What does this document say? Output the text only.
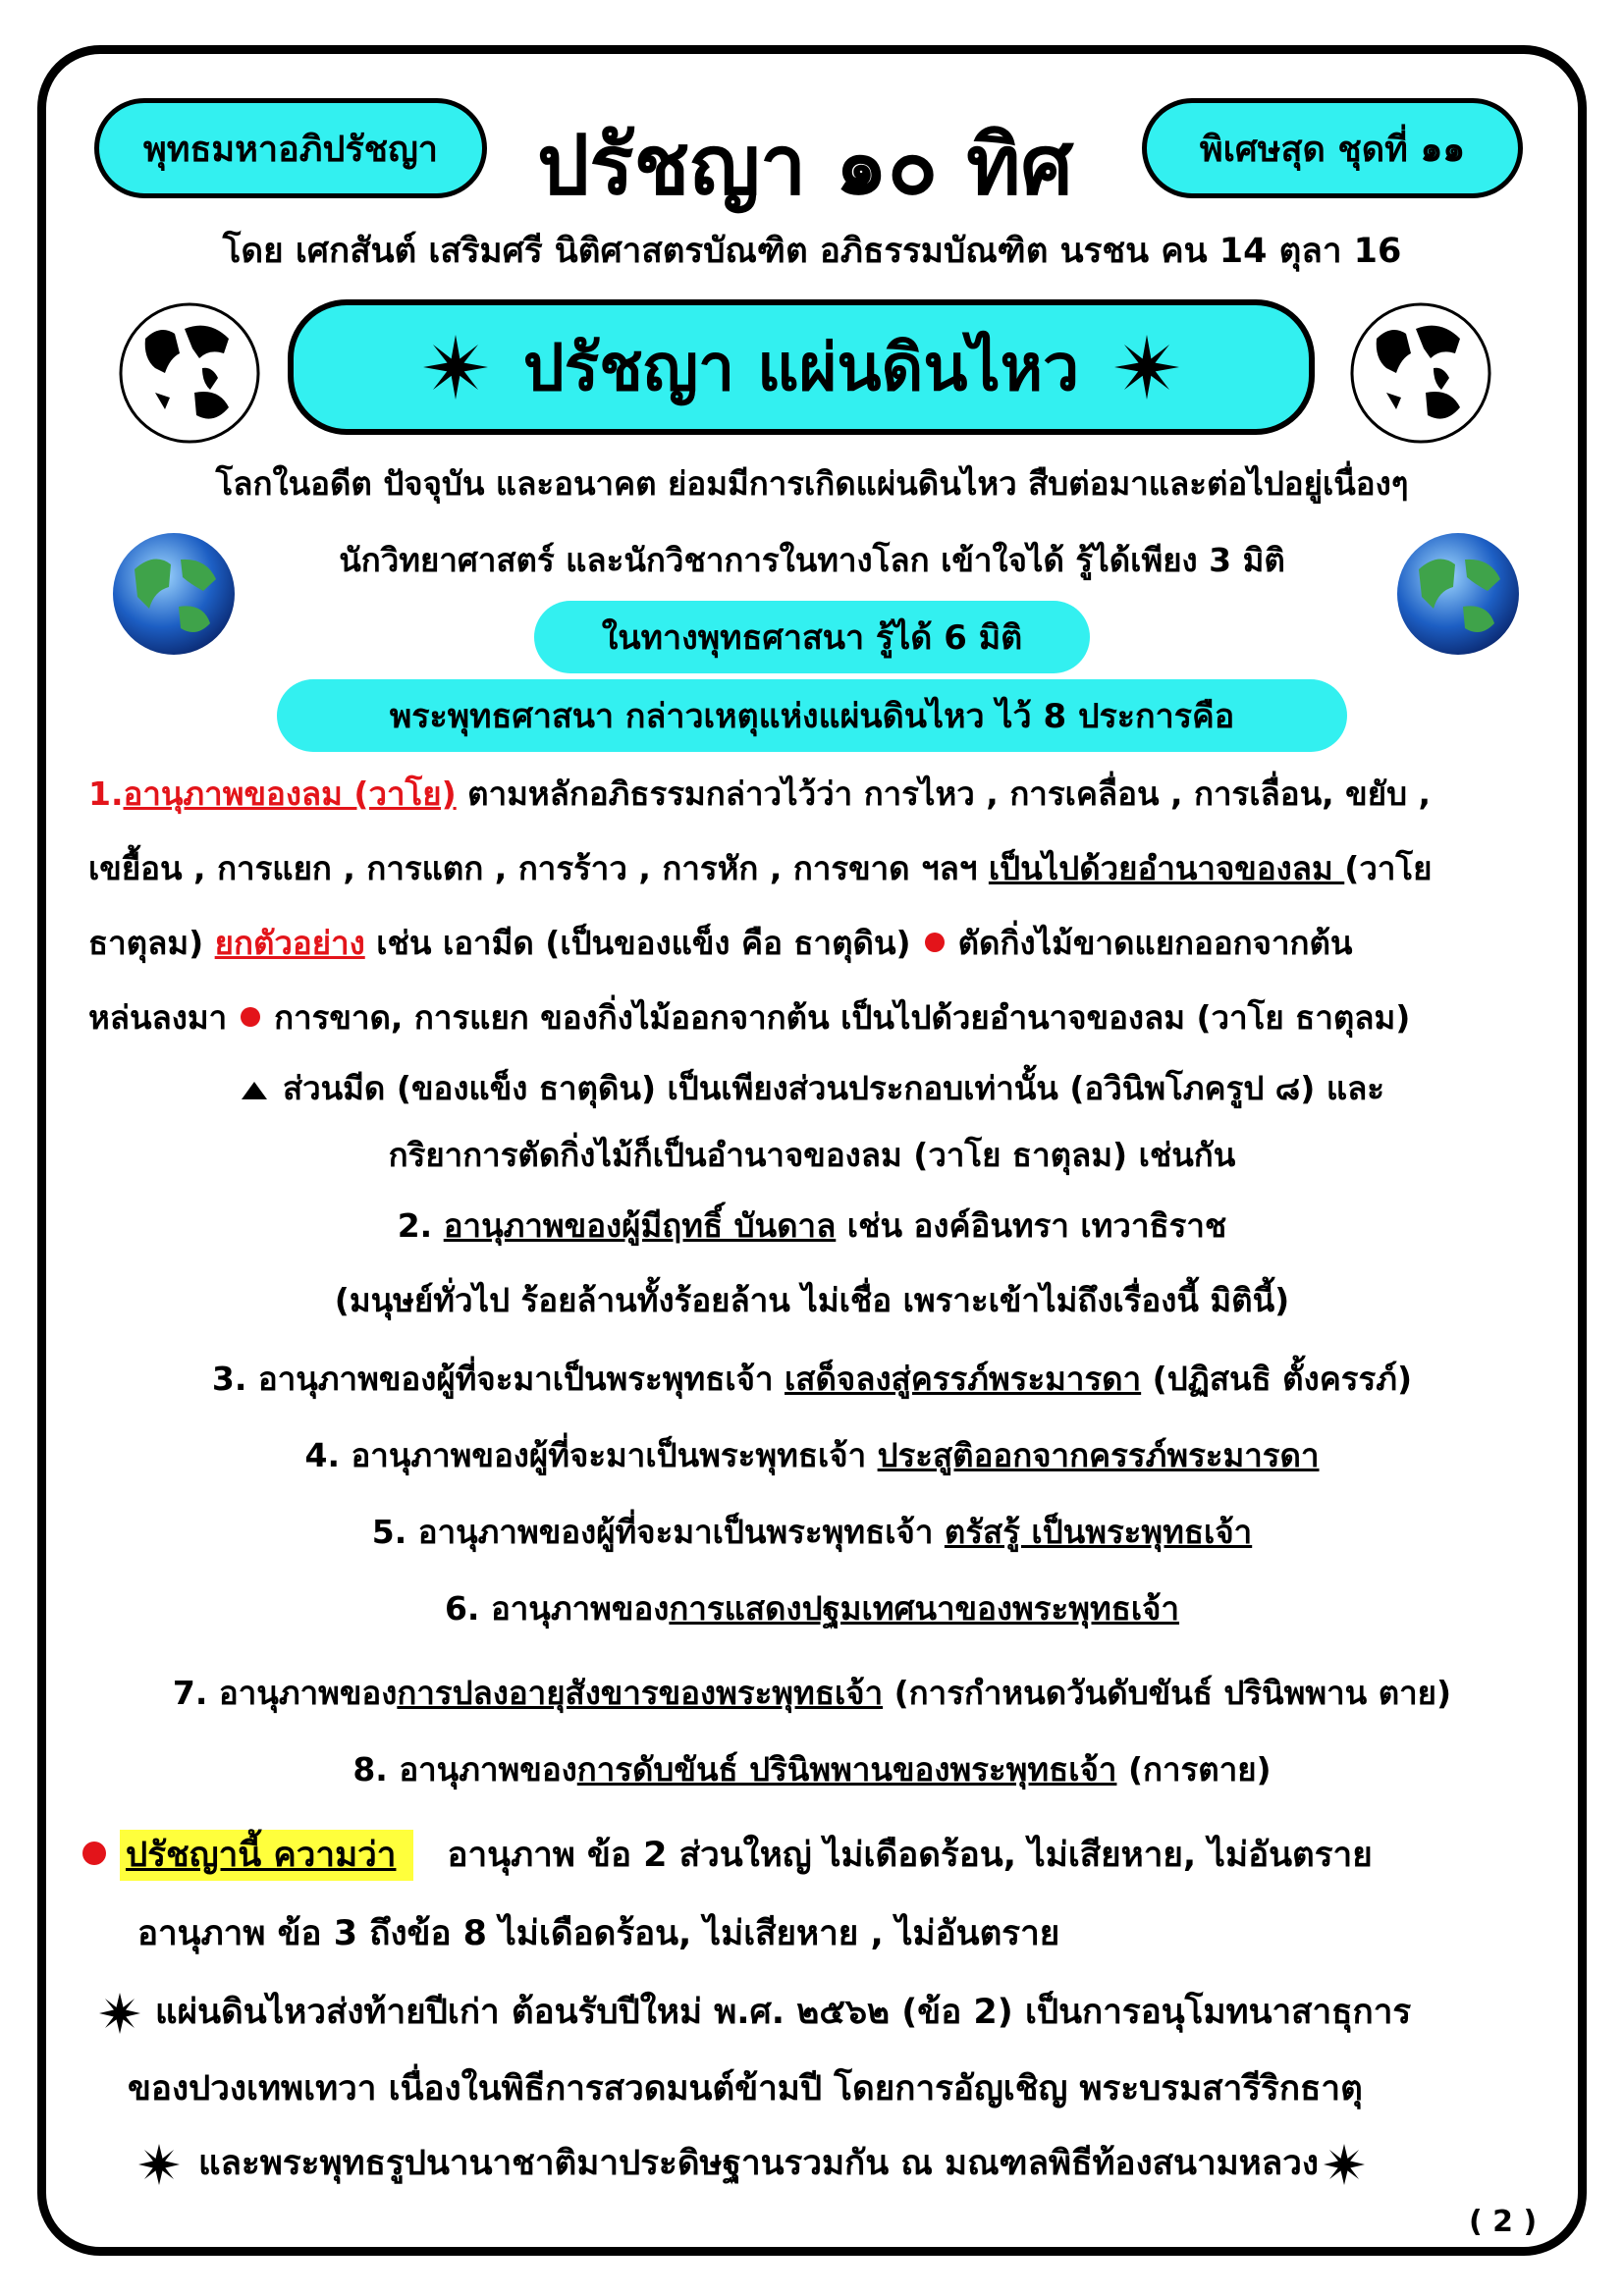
พุทธมหาอภิปรัชญา	ปรัชญา ๑๐ ทิศ	พิเศษสุด ชุดที่ ๑๑
โดย เศกสันต์ เสริมศรี นิติศาสตรบัณฑิต อภิธรรมบัณฑิต นรชน คน 14 ตุลา 16
ปรัชญา แผ่นดินไหว
โลกในอดีต ปัจจุบัน และอนาคต ย่อมมีการเกิดแผ่นดินไหว สืบต่อมาและต่อไปอยู่เนื่องๆ
นักวิทยาศาสตร์ และนักวิชาการในทางโลก เข้าใจได้ รู้ได้เพียง 3 มิติ
ในทางพุทธศาสนา รู้ได้ 6 มิติ
พระพุทธศาสนา กล่าวเหตุแห่งแผ่นดินไหว ไว้ 8 ประการคือ
1.อานุภาพของลม (วาโย) ตามหลักอภิธรรมกล่าวไว้ว่า การไหว , การเคลื่อน , การเลื่อน, ขยับ ,
เขยื้อน , การแยก , การแตก , การร้าว , การหัก , การขาด ฯลฯ เป็นไปด้วยอำนาจของลม (วาโย
ธาตุลม) ยกตัวอย่าง เช่น เอามีด (เป็นของแข็ง คือ ธาตุดิน) ตัดกิ่งไม้ขาดแยกออกจากต้น
หล่นลงมา การขาด, การแยก ของกิ่งไม้ออกจากต้น เป็นไปด้วยอำนาจของลม (วาโย ธาตุลม)
ส่วนมีด (ของแข็ง ธาตุดิน) เป็นเพียงส่วนประกอบเท่านั้น (อวินิพโภครูป ๘) และ
กริยาการตัดกิ่งไม้ก็เป็นอำนาจของลม (วาโย ธาตุลม) เช่นกัน
2. อานุภาพของผู้มีฤทธิ์ บันดาล เช่น องค์อินทรา เทวาธิราช
(มนุษย์ทั่วไป ร้อยล้านทั้งร้อยล้าน ไม่เชื่อ เพราะเข้าไม่ถึงเรื่องนี้ มิตินี้)
3. อานุภาพของผู้ที่จะมาเป็นพระพุทธเจ้า เสด็จลงสู่ครรภ์พระมารดา (ปฏิสนธิ ตั้งครรภ์)
4. อานุภาพของผู้ที่จะมาเป็นพระพุทธเจ้า ประสูติออกจากครรภ์พระมารดา
5. อานุภาพของผู้ที่จะมาเป็นพระพุทธเจ้า ตรัสรู้ เป็นพระพุทธเจ้า
6. อานุภาพของการแสดงปฐมเทศนาของพระพุทธเจ้า
7. อานุภาพของการปลงอายุสังขารของพระพุทธเจ้า (การกำหนดวันดับขันธ์ ปรินิพพาน ตาย)
8. อานุภาพของการดับขันธ์ ปรินิพพานของพระพุทธเจ้า (การตาย)
ปรัชญานี้ ความว่า อานุภาพ ข้อ 2 ส่วนใหญ่ ไม่เดือดร้อน, ไม่เสียหาย, ไม่อันตราย
อานุภาพ ข้อ 3 ถึงข้อ 8 ไม่เดือดร้อน, ไม่เสียหาย , ไม่อันตราย
แผ่นดินไหวส่งท้ายปีเก่า ต้อนรับปีใหม่ พ.ศ. ๒๕๖๒ (ข้อ 2) เป็นการอนุโมทนาสาธุการ
ของปวงเทพเทวา เนื่องในพิธีการสวดมนต์ข้ามปี โดยการอัญเชิญ พระบรมสารีริกธาตุ
และพระพุทธรูปนานาชาติมาประดิษฐานรวมกัน ณ มณฑลพิธีท้องสนามหลวง
( 2 )
